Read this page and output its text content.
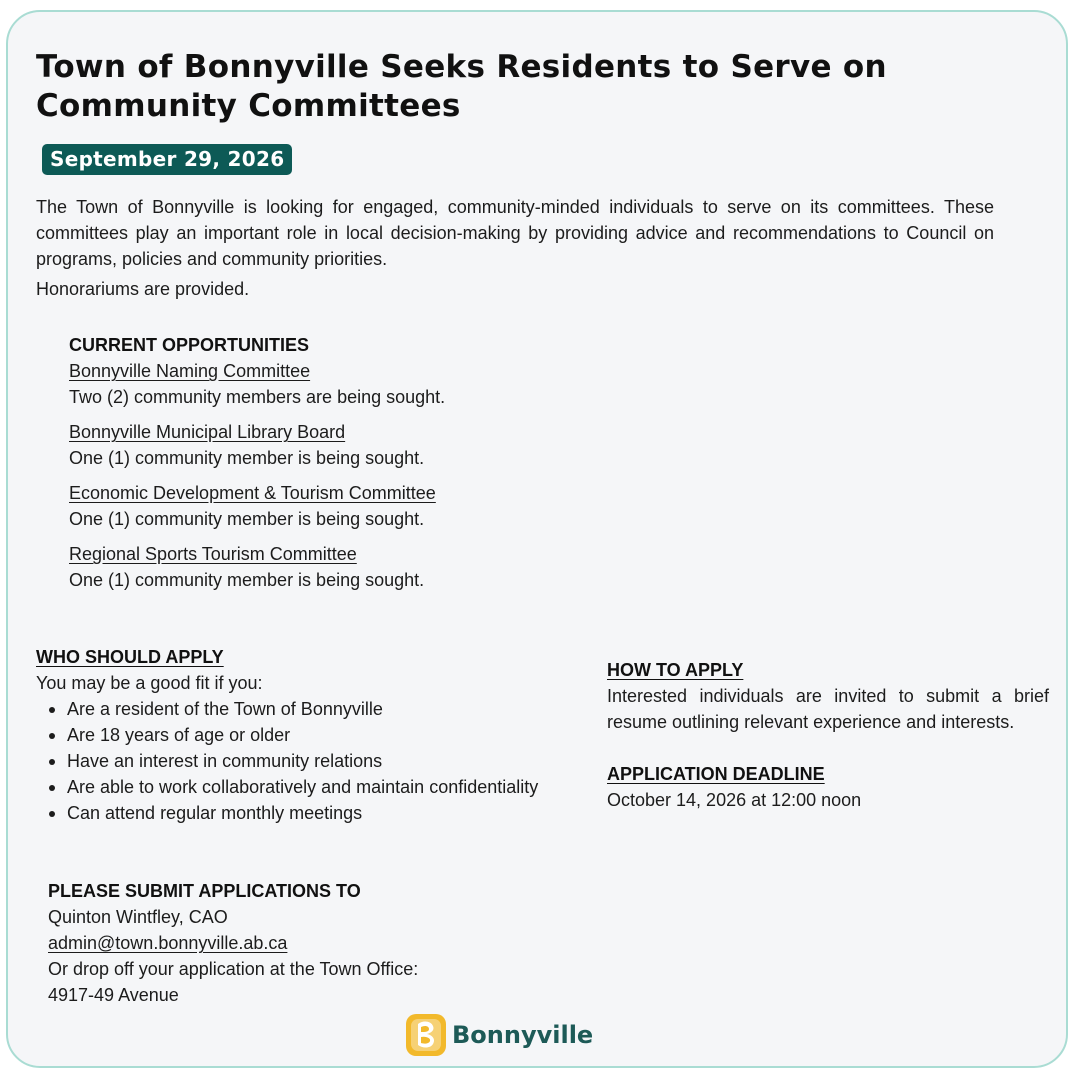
Town of Bonnyville Seeks Residents to Serve on Community Committees
September 29, 2026
The Town of Bonnyville is looking for engaged, community-minded individuals to serve on its committees. These committees play an important role in local decision-making by providing advice and recommendations to Council on programs, policies and community priorities.
Honorariums are provided.
CURRENT OPPORTUNITIES
Bonnyville Naming Committee
Two (2) community members are being sought.
Bonnyville Municipal Library Board
One (1) community member is being sought.
Economic Development & Tourism Committee
One (1) community member is being sought.
Regional Sports Tourism Committee
One (1) community member is being sought.
WHO SHOULD APPLY
You may be a good fit if you:
Are a resident of the Town of Bonnyville
Are 18 years of age or older
Have an interest in community relations
Are able to work collaboratively and maintain confidentiality
Can attend regular monthly meetings
HOW TO APPLY
Interested individuals are invited to submit a brief resume outlining relevant experience and interests.
APPLICATION DEADLINE
October 14, 2026 at 12:00 noon
PLEASE SUBMIT APPLICATIONS TO
Quinton Wintfley, CAO
admin@town.bonnyville.ab.ca
Or drop off your application at the Town Office:
4917-49 Avenue
Bonnyville
